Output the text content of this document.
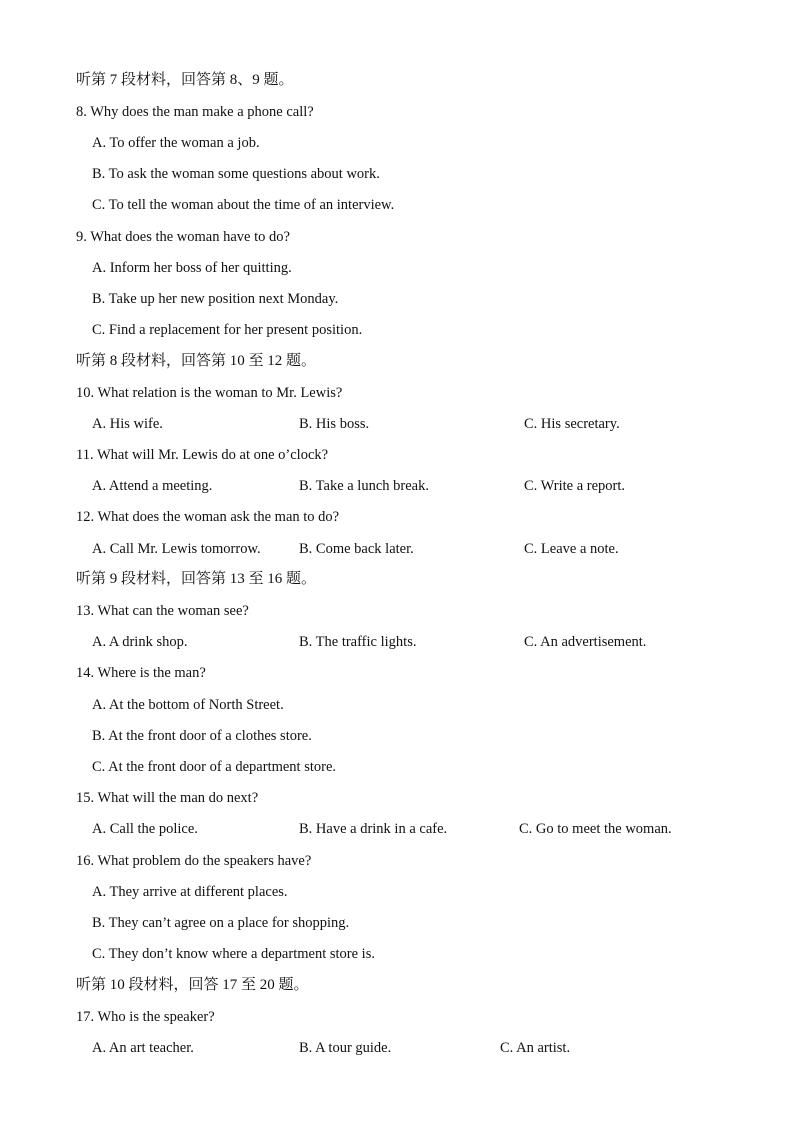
听第 7 段材料，回答第 8、9 题。
8. Why does the man make a phone call?
A. To offer the woman a job.
B. To ask the woman some questions about work.
C. To tell the woman about the time of an interview.
9. What does the woman have to do?
A. Inform her boss of her quitting.
B. Take up her new position next Monday.
C. Find a replacement for her present position.
听第 8 段材料，回答第 10 至 12 题。
10. What relation is the woman to Mr. Lewis?
A. His wife.	B. His boss.	C. His secretary.
11. What will Mr. Lewis do at one o’clock?
A. Attend a meeting.	B. Take a lunch break.	C. Write a report.
12. What does the woman ask the man to do?
A. Call Mr. Lewis tomorrow.	B. Come back later.	C. Leave a note.
听第 9 段材料，回答第 13 至 16 题。
13. What can the woman see?
A. A drink shop.	B. The traffic lights.	C. An advertisement.
14. Where is the man?
A. At the bottom of North Street.
B. At the front door of a clothes store.
C. At the front door of a department store.
15. What will the man do next?
A. Call the police.	B. Have a drink in a cafe.	C. Go to meet the woman.
16. What problem do the speakers have?
A. They arrive at different places.
B. They can’t agree on a place for shopping.
C. They don’t know where a department store is.
听第 10 段材料，回答 17 至 20 题。
17. Who is the speaker?
A. An art teacher.	B. A tour guide.	C. An artist.
